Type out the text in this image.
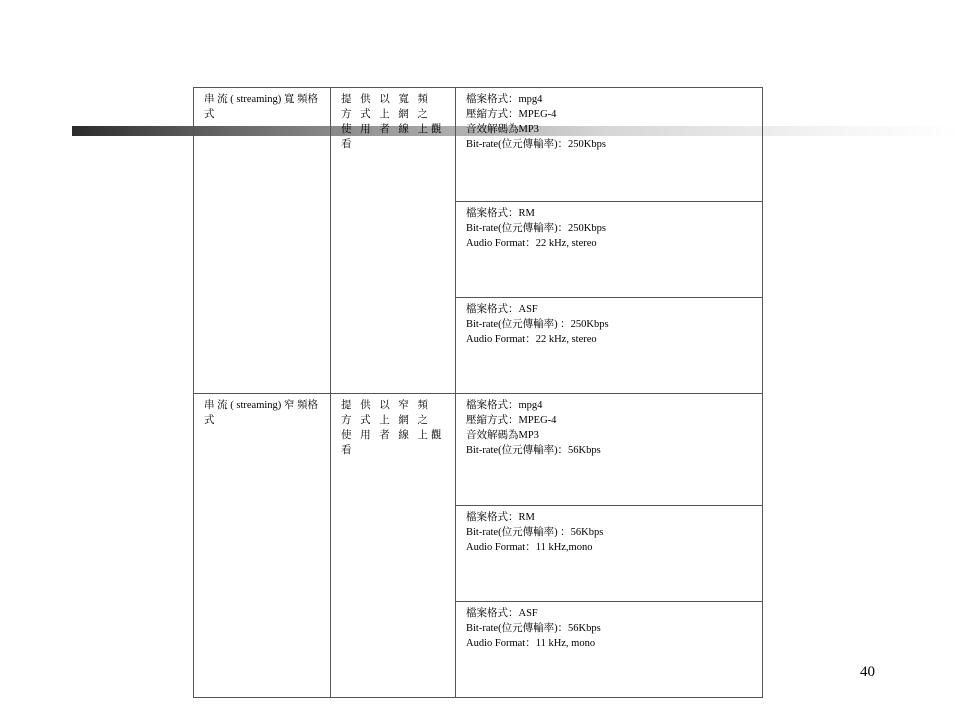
串 流 ( streaming) 寬 頻格式	提 供 以 寬 頻 方 式 上 網 之 使 用 者 線 上觀看	檔案格式：mpg4
壓縮方式：MPEG-4
音效解碼為MP3
Bit-rate(位元傳輸率)：250Kbps

		檔案格式：RM
Bit-rate(位元傳輸率)：250Kbps
Audio Format：22 kHz, stereo

		檔案格式：ASF
Bit-rate(位元傳輸率) ：250Kbps
Audio Format：22 kHz, stereo

串 流 ( streaming) 窄 頻格式	提 供 以 窄 頻 方 式 上 網 之 使 用 者 線 上觀看	檔案格式：mpg4
壓縮方式：MPEG-4
音效解碼為MP3
Bit-rate(位元傳輸率)：56Kbps

		檔案格式：RM
Bit-rate(位元傳輸率) ：56Kbps
Audio Format：11 kHz,mono

		檔案格式：ASF
Bit-rate(位元傳輸率)：56Kbps
Audio Format：11 kHz, mono
40
